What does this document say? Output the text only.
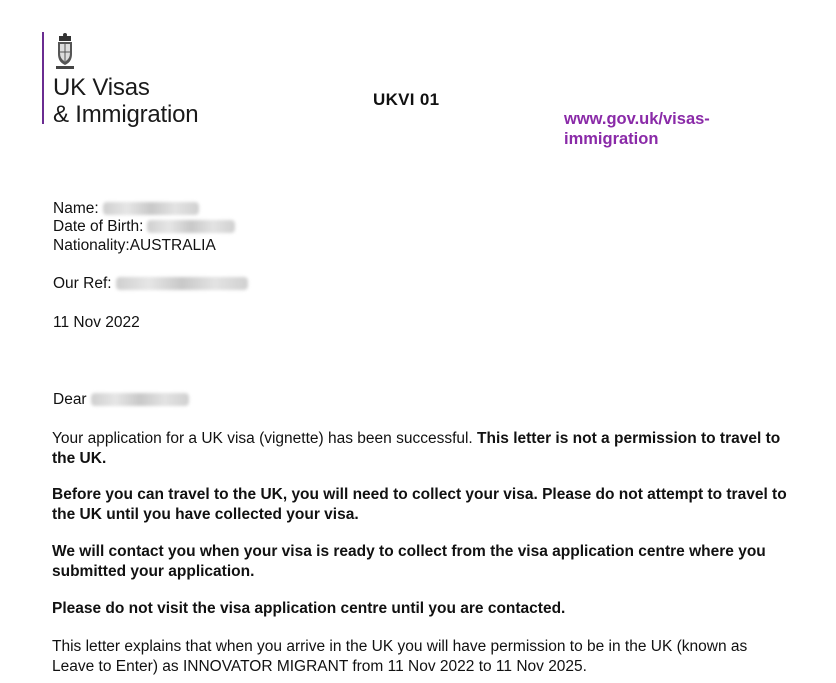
UK Visas
& Immigration
UKVI 01
www.gov.uk/visas-
immigration
Name:
Date of Birth:
Nationality:AUSTRALIA
Our Ref:
11 Nov 2022
Dear
Your application for a UK visa (vignette) has been successful. This letter is not a permission to travel to the UK.
Before you can travel to the UK, you will need to collect your visa. Please do not attempt to travel to the UK until you have collected your visa.
We will contact you when your visa is ready to collect from the visa application centre where you submitted your application.
Please do not visit the visa application centre until you are contacted.
This letter explains that when you arrive in the UK you will have permission to be in the UK (known as Leave to Enter) as INNOVATOR MIGRANT from 11 Nov 2022 to 11 Nov 2025.
